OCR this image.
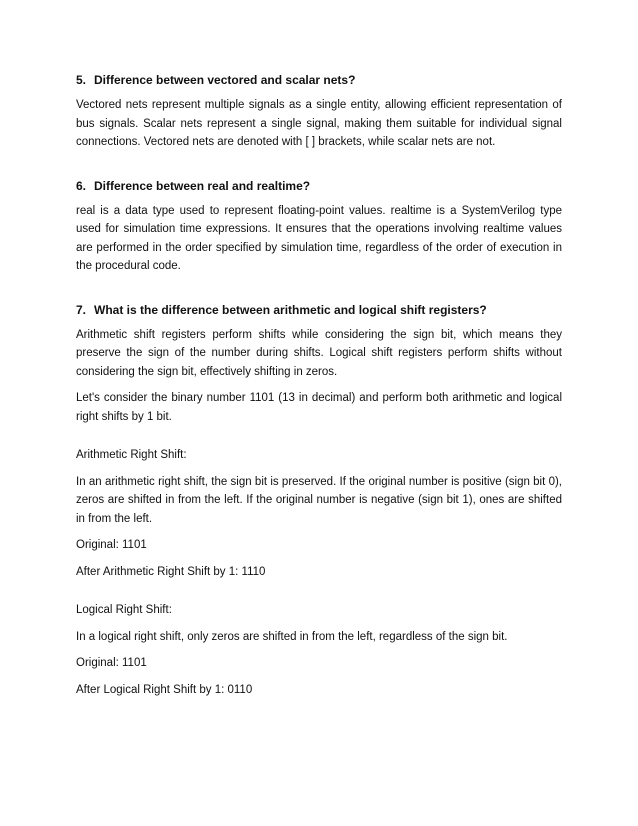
5. Difference between vectored and scalar nets?

Vectored nets represent multiple signals as a single entity, allowing efficient representation of bus signals. Scalar nets represent a single signal, making them suitable for individual signal connections. Vectored nets are denoted with [ ] brackets, while scalar nets are not.

6. Difference between real and realtime?

real is a data type used to represent floating-point values. realtime is a SystemVerilog type used for simulation time expressions. It ensures that the operations involving realtime values are performed in the order specified by simulation time, regardless of the order of execution in the procedural code.

7. What is the difference between arithmetic and logical shift registers?

Arithmetic shift registers perform shifts while considering the sign bit, which means they preserve the sign of the number during shifts. Logical shift registers perform shifts without considering the sign bit, effectively shifting in zeros.

Let's consider the binary number 1101 (13 in decimal) and perform both arithmetic and logical right shifts by 1 bit.

Arithmetic Right Shift:

In an arithmetic right shift, the sign bit is preserved. If the original number is positive (sign bit 0), zeros are shifted in from the left. If the original number is negative (sign bit 1), ones are shifted in from the left.

Original: 1101

After Arithmetic Right Shift by 1: 1110

Logical Right Shift:

In a logical right shift, only zeros are shifted in from the left, regardless of the sign bit.

Original: 1101

After Logical Right Shift by 1: 0110
